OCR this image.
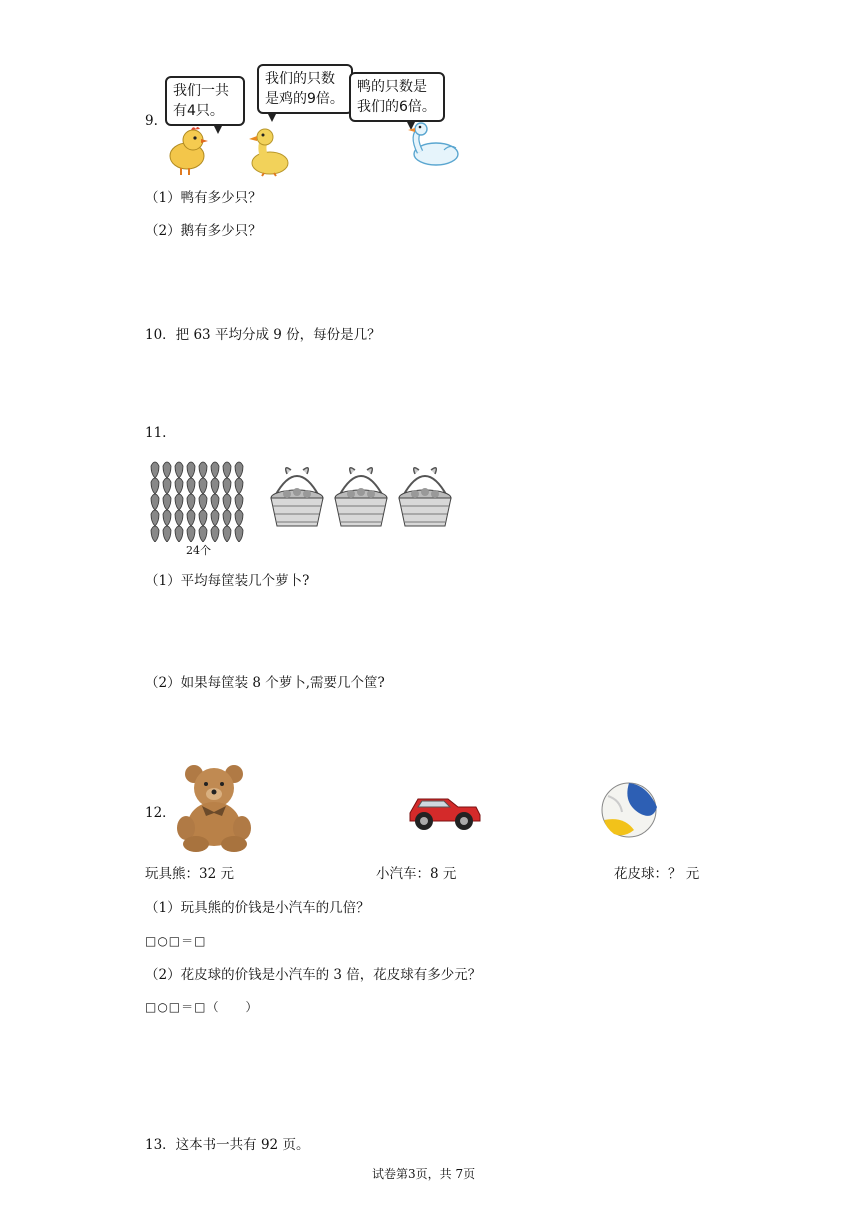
9.
我们一共
有4只。
我们的只数
是鸡的9倍。
鸭的只数是
我们的6倍。
（1）鸭有多少只？
（2）鹅有多少只？
10．把 63 平均分成 9 份，每份是几？
11.
24个
（1）平均每筐装几个萝卜?
（2）如果每筐装 8 个萝卜,需要几个筐?
12．
玩具熊：32 元	小汽车：8 元	花皮球：？ 元
（1）玩具熊的价钱是小汽车的几倍？
□○□＝□
（2）花皮球的价钱是小汽车的 3 倍，花皮球有多少元？
□○□＝□（　　）
13．这本书一共有 92 页。
试卷第3页，共 7页
